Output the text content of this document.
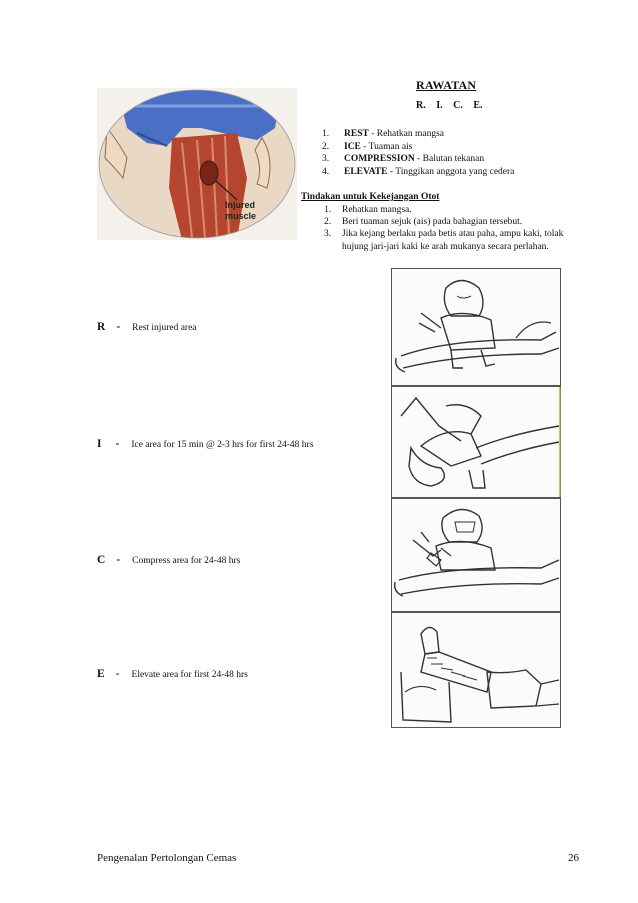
Injured
muscle
RAWATAN
R. I. C. E.
1. REST - Rehatkan mangsa
2. ICE - Tuaman ais
3. COMPRESSION - Balutan tekanan
4. ELEVATE - Tinggikan anggota yang cedera
Tindakan untuk Kekejangan Otot
1. Rehatkan mangsa.
2. Beri tuaman sejuk (ais) pada bahagian tersebut.
3. Jika kejang berlaku pada betis atau paha, ampu kaki, tolak
hujung jari-jari kaki ke arah mukanya secara perlahan.
R - Rest injured area
I - Ice area for 15 min @ 2-3 hrs for first 24-48 hrs
C - Compress area for 24-48 hrs
E - Elevate area for first 24-48 hrs
Pengenalan Pertolongan Cemas	26
